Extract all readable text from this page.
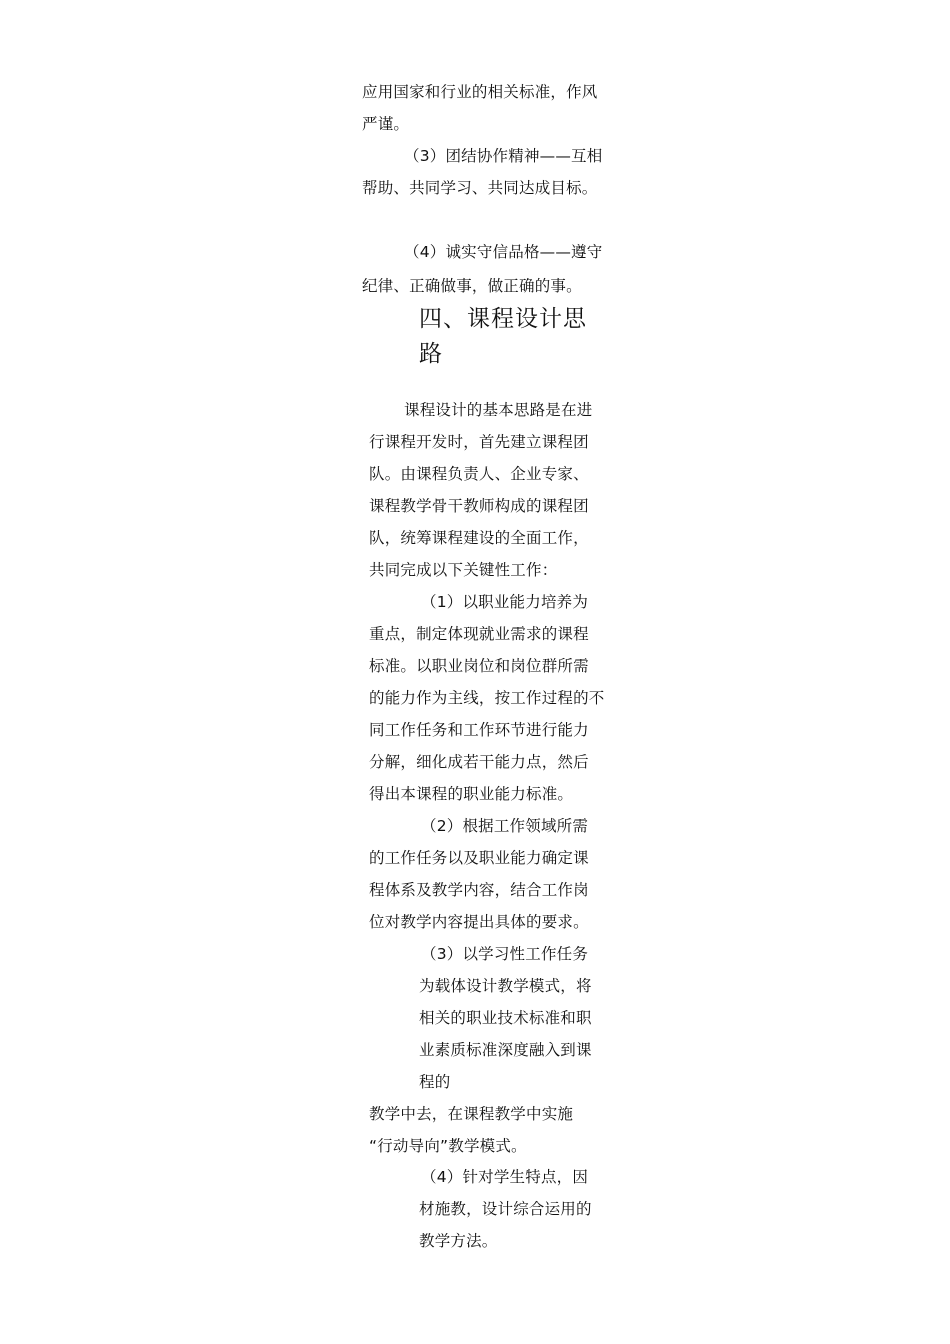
应用国家和行业的相关标准，作风
严谨。
（3）团结协作精神——互相
帮助、共同学习、共同达成目标。
（4）诚实守信品格——遵守
纪律、正确做事，做正确的事。
四、课程设计思
路
课程设计的基本思路是在进
行课程开发时，首先建立课程团
队。由课程负责人、企业专家、
课程教学骨干教师构成的课程团
队，统筹课程建设的全面工作，
共同完成以下关键性工作：
（1）以职业能力培养为
重点，制定体现就业需求的课程
标准。以职业岗位和岗位群所需
的能力作为主线，按工作过程的不
同工作任务和工作环节进行能力
分解，细化成若干能力点，然后
得出本课程的职业能力标准。
（2）根据工作领域所需
的工作任务以及职业能力确定课
程体系及教学内容，结合工作岗
位对教学内容提出具体的要求。
（3）以学习性工作任务
为载体设计教学模式，将
相关的职业技术标准和职
业素质标准深度融入到课
程的
教学中去，在课程教学中实施
“行动导向”教学模式。
（4）针对学生特点，因
材施教，设计综合运用的
教学方法。
